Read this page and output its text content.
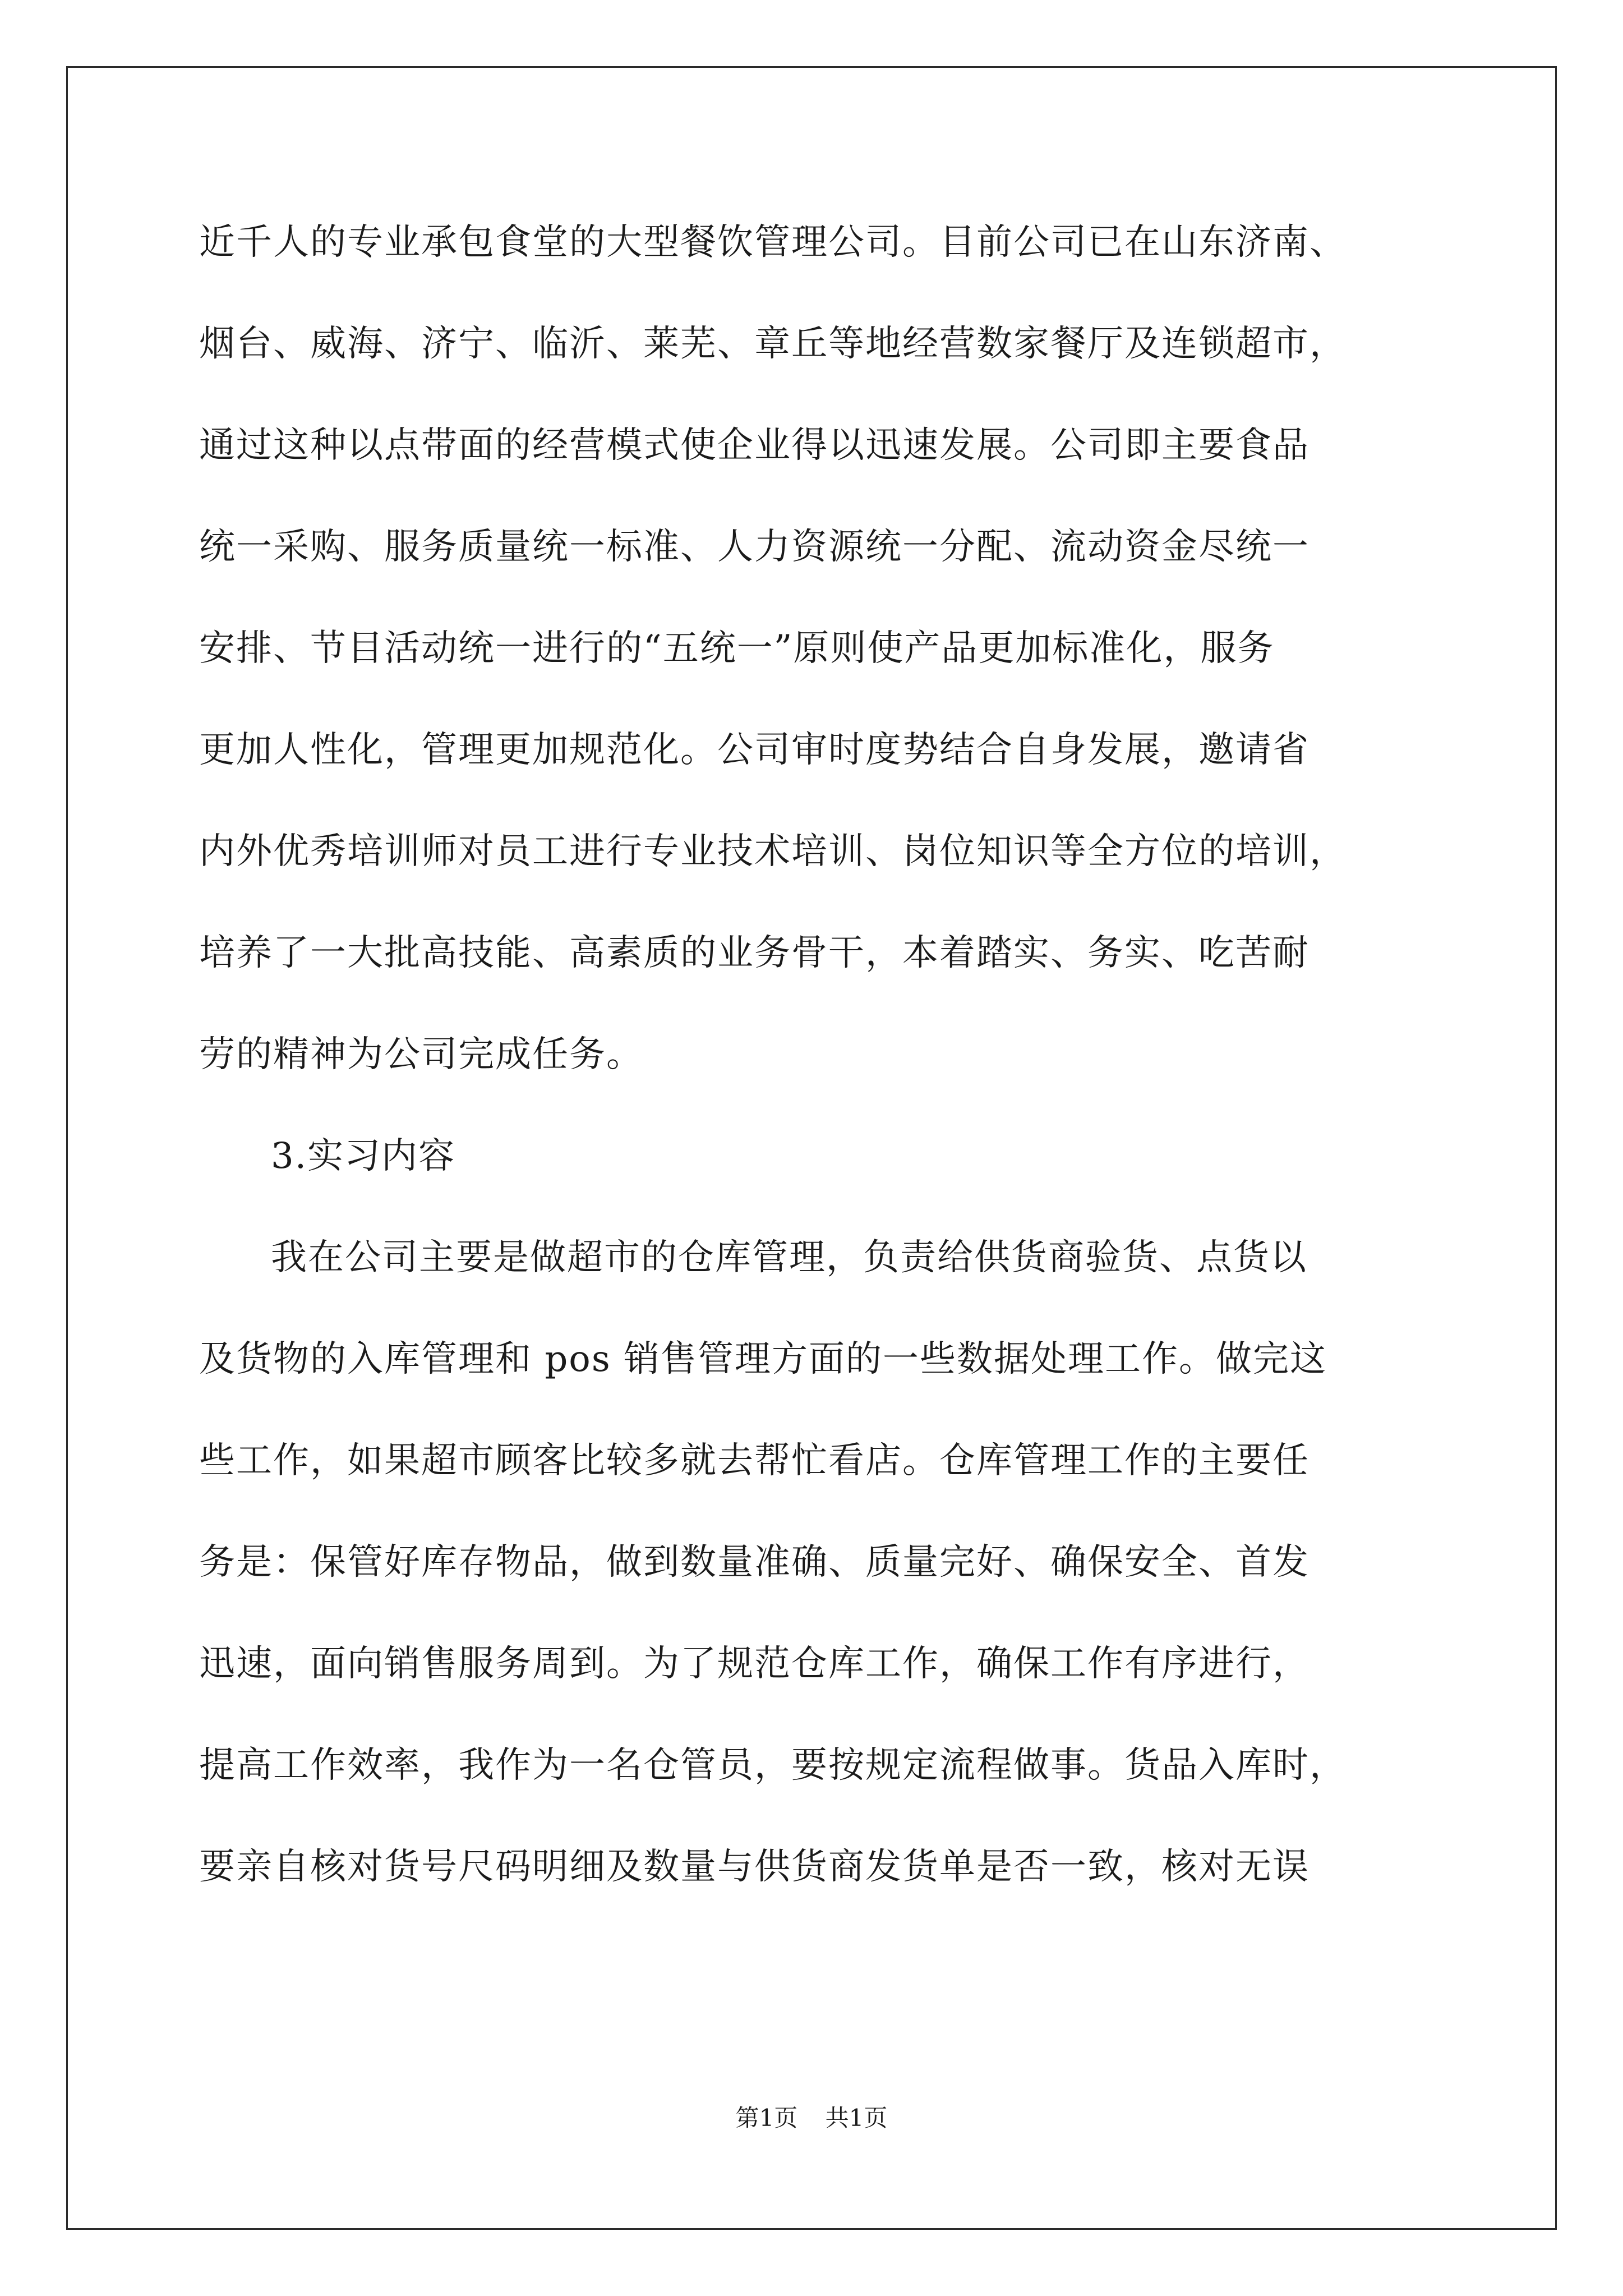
近千人的专业承包食堂的大型餐饮管理公司。目前公司已在山东济南、
烟台、威海、济宁、临沂、莱芜、章丘等地经营数家餐厅及连锁超市，
通过这种以点带面的经营模式使企业得以迅速发展。公司即主要食品
统一采购、服务质量统一标准、人力资源统一分配、流动资金尽统一
安排、节目活动统一进行的“五统一”原则使产品更加标准化，服务
更加人性化，管理更加规范化。公司审时度势结合自身发展，邀请省
内外优秀培训师对员工进行专业技术培训、岗位知识等全方位的培训，
培养了一大批高技能、高素质的业务骨干，本着踏实、务实、吃苦耐
劳的精神为公司完成任务。
3.实习内容
我在公司主要是做超市的仓库管理，负责给供货商验货、点货以
及货物的入库管理和 pos 销售管理方面的一些数据处理工作。做完这
些工作，如果超市顾客比较多就去帮忙看店。仓库管理工作的主要任
务是：保管好库存物品，做到数量准确、质量完好、确保安全、首发
迅速，面向销售服务周到。为了规范仓库工作，确保工作有序进行，
提高工作效率，我作为一名仓管员，要按规定流程做事。货品入库时，
要亲自核对货号尺码明细及数量与供货商发货单是否一致，核对无误
第1页 共1页
